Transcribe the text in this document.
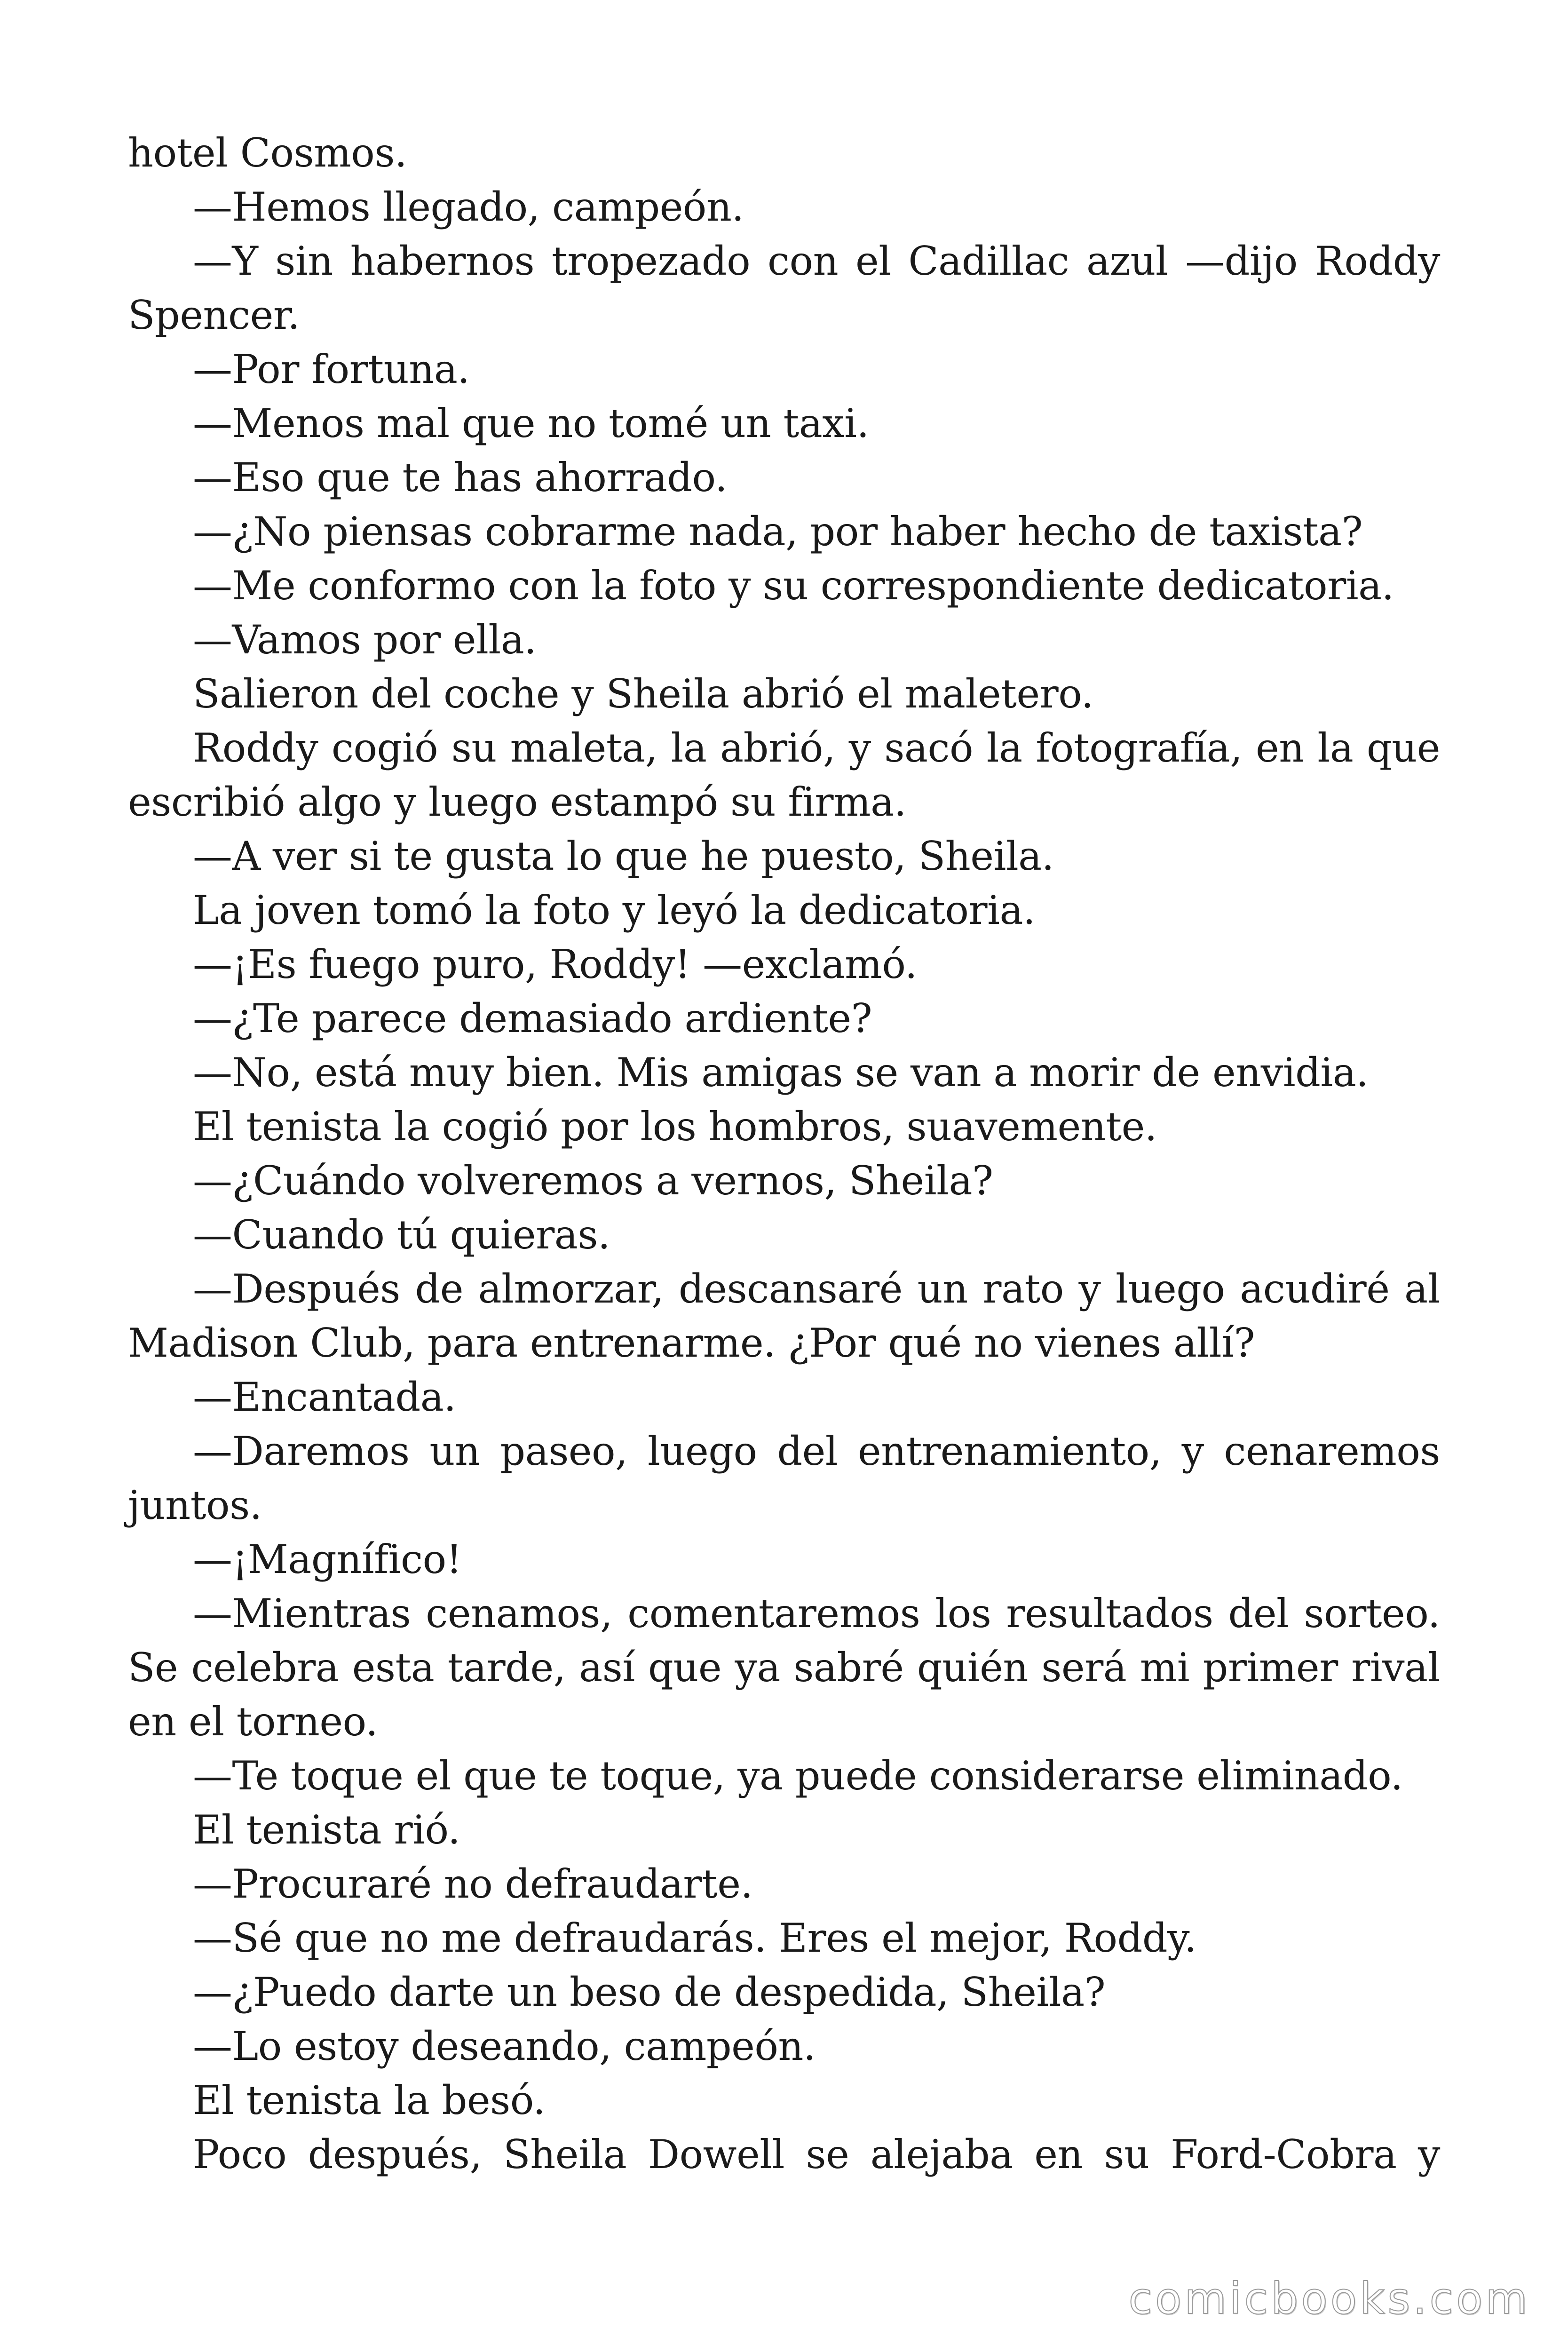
hotel Cosmos.

—Hemos llegado, campeón.

—Y sin habernos tropezado con el Cadillac azul —dijo Roddy Spencer.

—Por fortuna.

—Menos mal que no tomé un taxi.

—Eso que te has ahorrado.

—¿No piensas cobrarme nada, por haber hecho de taxista?

—Me conformo con la foto y su correspondiente dedicatoria.

—Vamos por ella.

Salieron del coche y Sheila abrió el maletero.

Roddy cogió su maleta, la abrió, y sacó la fotografía, en la que escribió algo y luego estampó su firma.

—A ver si te gusta lo que he puesto, Sheila.

La joven tomó la foto y leyó la dedicatoria.

—¡Es fuego puro, Roddy! —exclamó.

—¿Te parece demasiado ardiente?

—No, está muy bien. Mis amigas se van a morir de envidia.

El tenista la cogió por los hombros, suavemente.

—¿Cuándo volveremos a vernos, Sheila?

—Cuando tú quieras.

—Después de almorzar, descansaré un rato y luego acudiré al Madison Club, para entrenarme. ¿Por qué no vienes allí?

—Encantada.

—Daremos un paseo, luego del entrenamiento, y cenaremos juntos.

—¡Magnífico!

—Mientras cenamos, comentaremos los resultados del sorteo. Se celebra esta tarde, así que ya sabré quién será mi primer rival en el torneo.

—Te toque el que te toque, ya puede considerarse eliminado.

El tenista rió.

—Procuraré no defraudarte.

—Sé que no me defraudarás. Eres el mejor, Roddy.

—¿Puedo darte un beso de despedida, Sheila?

—Lo estoy deseando, campeón.

El tenista la besó.

Poco después, Sheila Dowell se alejaba en su Ford-Cobra y

comicbooks.com
